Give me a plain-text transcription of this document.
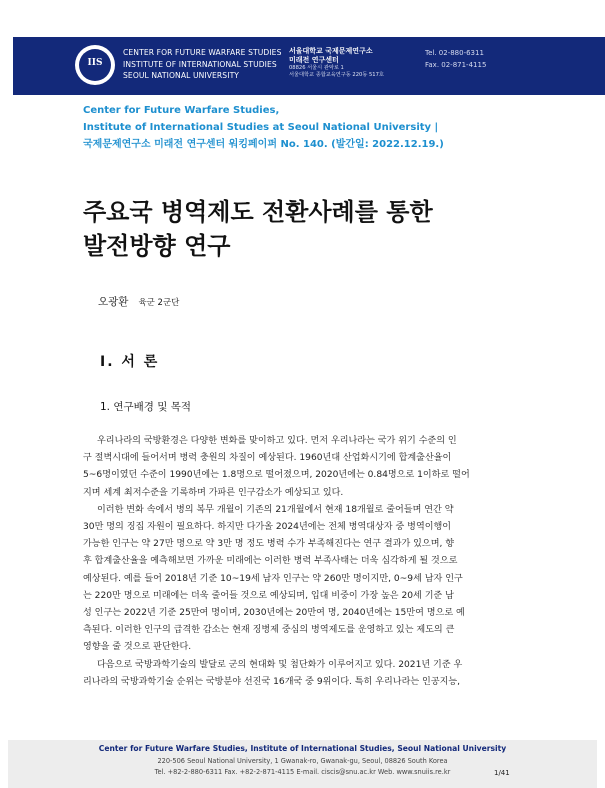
IIS
CENTER FOR FUTURE WARFARE STUDIES
INSTITUTE OF INTERNATIONAL STUDIES
SEOUL NATIONAL UNIVERSITY
서울대학교 국제문제연구소
미래전 연구센터
08826 서울시 관악로 1
서울대학교 종합교육연구동 220동 517호
Tel. 02-880-6311
Fax. 02-871-4115
Center for Future Warfare Studies,
Institute of International Studies at Seoul National University |
국제문제연구소 미래전 연구센터 워킹페이퍼 No. 140. (발간일: 2022.12.19.)
주요국 병역제도 전환사례를 통한
발전방향 연구
오광환 육군 2군단
Ⅰ. 서 론
1. 연구배경 및 목적
우리나라의 국방환경은 다양한 변화를 맞이하고 있다. 먼저 우리나라는 국가 위기 수준의 인
구 절벽시대에 들어서며 병력 충원의 차질이 예상된다. 1960년대 산업화시기에 합계출산율이
5~6명이였던 수준이 1990년에는 1.8명으로 떨어졌으며, 2020년에는 0.84명으로 1이하로 떨어
지며 세계 최저수준을 기록하며 가파른 인구감소가 예상되고 있다.
이러한 변화 속에서 병의 복무 개월이 기존의 21개월에서 현재 18개월로 줄어들며 연간 약
30만 명의 징집 자원이 필요하다. 하지만 다가올 2024년에는 전체 병역대상자 중 병역이행이
가능한 인구는 약 27만 명으로 약 3만 명 정도 병력 수가 부족해진다는 연구 결과가 있으며, 향
후 합계출산율을 예측해보면 가까운 미래에는 이러한 병력 부족사태는 더욱 심각하게 될 것으로
예상된다. 예를 들어 2018년 기준 10~19세 남자 인구는 약 260만 명이지만, 0~9세 남자 인구
는 220만 명으로 미래에는 더욱 줄어들 것으로 예상되며, 입대 비중이 가장 높은 20세 기준 남
성 인구는 2022년 기준 25만여 명이며, 2030년에는 20만여 명, 2040년에는 15만여 명으로 예
측된다. 이러한 인구의 급격한 감소는 현재 징병제 중심의 병역제도를 운영하고 있는 제도의 큰
영향을 줄 것으로 판단한다.
다음으로 국방과학기술의 발달로 군의 현대화 및 첨단화가 이루어지고 있다. 2021년 기준 우
리나라의 국방과학기술 순위는 국방분야 선진국 16개국 중 9위이다. 특히 우리나라는 인공지능,
Center for Future Warfare Studies, Institute of International Studies, Seoul National University
220-506 Seoul National University, 1 Gwanak-ro, Gwanak-gu, Seoul, 08826 South Korea
Tel. +82-2-880-6311 Fax. +82-2-871-4115 E-mail. ciscis@snu.ac.kr Web. www.snuiis.re.kr	1/41
